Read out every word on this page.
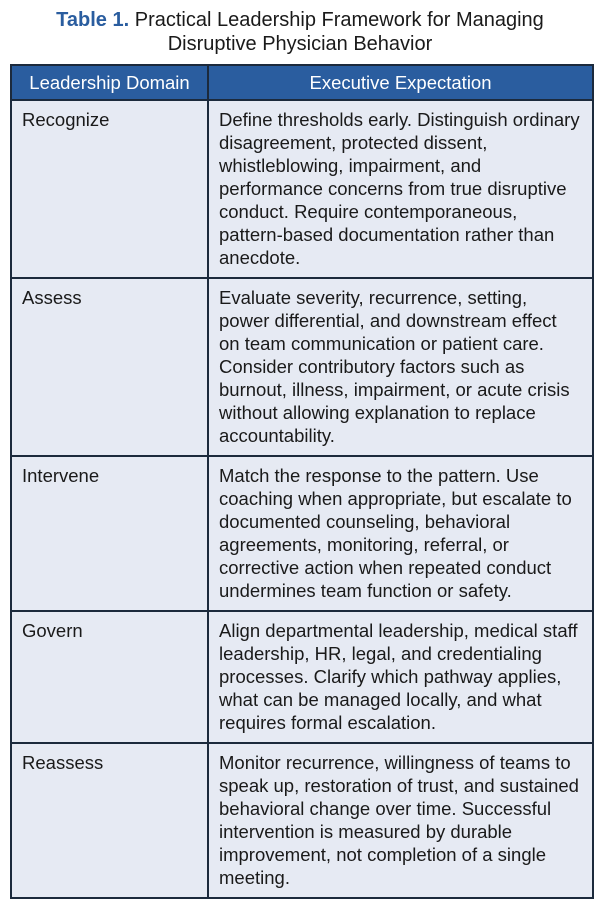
Table 1. Practical Leadership Framework for Managing
Disruptive Physician Behavior
Leadership Domain	Executive Expectation
Recognize	Define thresholds early. Distinguish ordinary disagreement, protected dissent, whistleblowing, impairment, and performance concerns from true disruptive conduct. Require contemporaneous, pattern-based documentation rather than anecdote.
Assess	Evaluate severity, recurrence, setting, power differential, and downstream effect on team communication or patient care. Consider contributory factors such as burnout, illness, impairment, or acute crisis without allowing explanation to replace accountability.
Intervene	Match the response to the pattern. Use coaching when appropriate, but escalate to documented counseling, behavioral agreements, monitoring, referral, or corrective action when repeated conduct undermines team function or safety.
Govern	Align departmental leadership, medical staff leadership, HR, legal, and credentialing processes. Clarify which pathway applies, what can be managed locally, and what requires formal escalation.
Reassess	Monitor recurrence, willingness of teams to speak up, restoration of trust, and sustained behavioral change over time. Successful intervention is measured by durable improvement, not completion of a single meeting.
